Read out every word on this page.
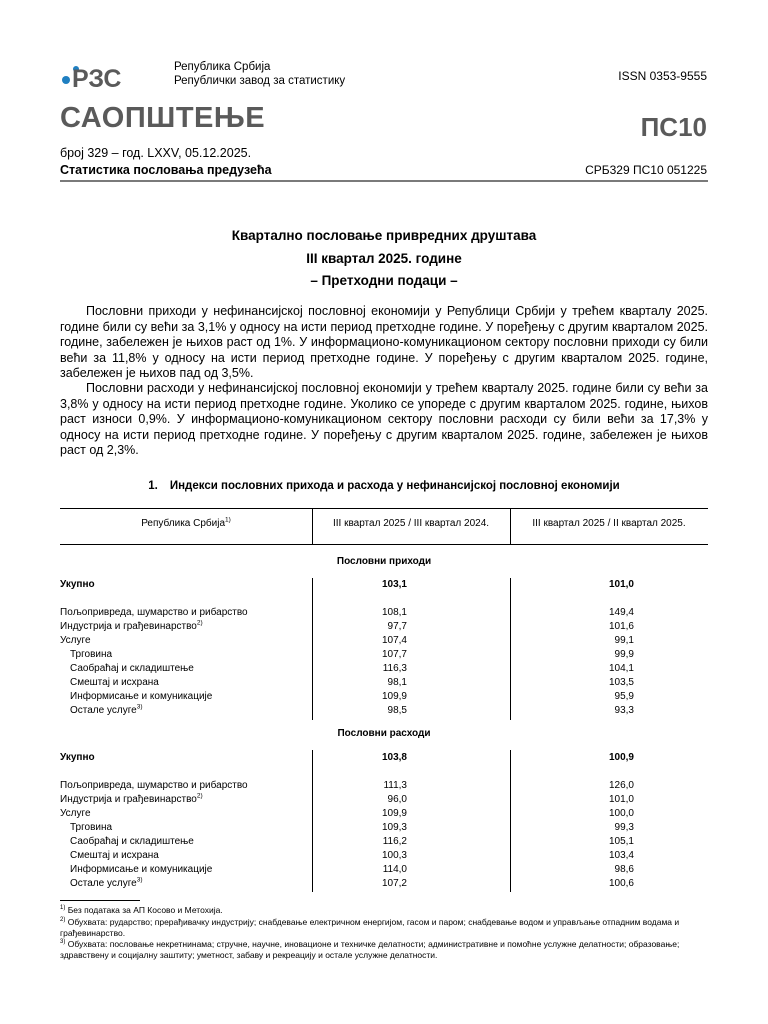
РЗС	Република Србија
Републички завод за статистику	ISSN 0353-9555
САОПШТЕЊЕ	ПС10
број 329 – год. LXXV, 05.12.2025.
Статистика пословања предузећа	СРБ329 ПС10 051225
Квартално пословање привредних друштава
III квартал 2025. године
– Претходни подаци –
Пословни приходи у нефинансијској пословној економији у Републици Србији у трећем кварталу 2025. године били су већи за 3,1% у односу на исти период претходне године. У поређењу с другим кварталом 2025. године, забележен је њихов раст од 1%. У информационо-комуникационом сектору пословни приходи су били већи за 11,8% у односу на исти период претходне године. У поређењу с другим кварталом 2025. године, забележен је њихов пад од 3,5%.
Пословни расходи у нефинансијској пословној економији у трећем кварталу 2025. године били су већи за 3,8% у односу на исти период претходне године. Уколико се упореде с другим кварталом 2025. године, њихов раст износи 0,9%. У информационо-комуникационом сектору пословни расходи су били већи за 17,3% у односу на исти период претходне године. У поређењу с другим кварталом 2025. године, забележен је њихов раст од 2,3%.
1. Индекси пословних прихода и расхода у нефинансијској пословној економији
Република Србија$^{1)}$	III квартал 2025 / III квартал 2024.	III квартал 2025 / II квартал 2025.
Пословни приходи
Укупно	103,1	101,0
Пољопривреда, шумарство и рибарство	108,1	149,4
Индустрија и грађевинарство$^{2)}$	97,7	101,6
Услуге	107,4	99,1
Трговина	107,7	99,9
Саобраћај и складиштење	116,3	104,1
Смештај и исхрана	98,1	103,5
Информисање и комуникације	109,9	95,9
Остале услуге$^{3)}$	98,5	93,3
Пословни расходи
Укупно	103,8	100,9
Пољопривреда, шумарство и рибарство	111,3	126,0
Индустрија и грађевинарство$^{2)}$	96,0	101,0
Услуге	109,9	100,0
Трговина	109,3	99,3
Саобраћај и складиштење	116,2	105,1
Смештај и исхрана	100,3	103,4
Информисање и комуникације	114,0	98,6
Остале услуге$^{3)}$	107,2	100,6
$^{1)}$ Без података за АП Косово и Метохија.
$^{2)}$ Обухвата: рударство; прерађивачку индустрију; снабдевање електричном енергијом, гасом и паром; снабдевање водом и управљање отпадним водама и грађевинарство.
$^{3)}$ Обухвата: пословање некретнинама; стручне, научне, иновационе и техничке делатности; административне и помоћне услужне делатности; образовање; здравствену и социјалну заштиту; уметност, забаву и рекреацију и остале услужне делатности.
